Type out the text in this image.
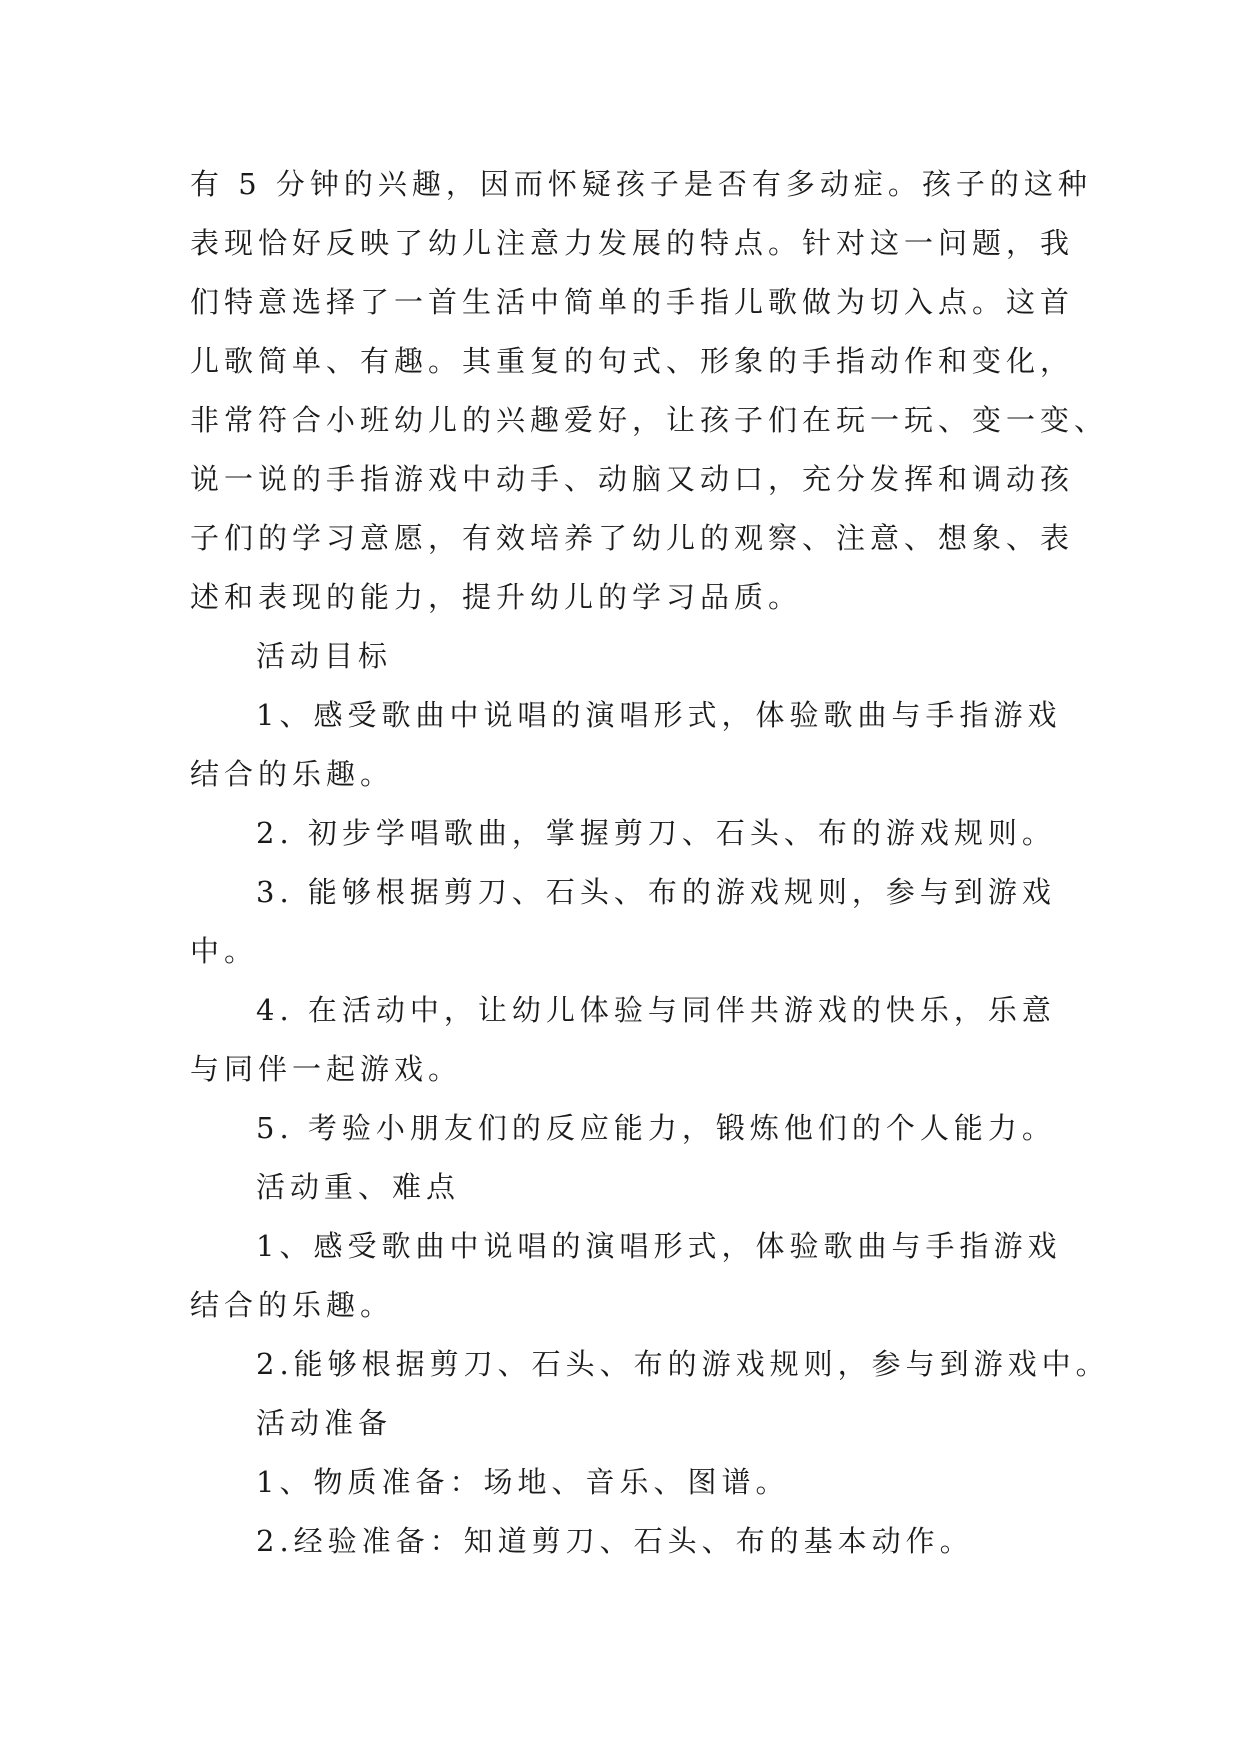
有 5 分钟的兴趣，因而怀疑孩子是否有多动症。孩子的这种
表现恰好反映了幼儿注意力发展的特点。针对这一问题，我
们特意选择了一首生活中简单的手指儿歌做为切入点。这首
儿歌简单、有趣。其重复的句式、形象的手指动作和变化，
非常符合小班幼儿的兴趣爱好，让孩子们在玩一玩、变一变、
说一说的手指游戏中动手、动脑又动口，充分发挥和调动孩
子们的学习意愿，有效培养了幼儿的观察、注意、想象、表
述和表现的能力，提升幼儿的学习品质。
活动目标
1、感受歌曲中说唱的演唱形式，体验歌曲与手指游戏
结合的乐趣。
2. 初步学唱歌曲，掌握剪刀、石头、布的游戏规则。
3. 能够根据剪刀、石头、布的游戏规则，参与到游戏
中。
4. 在活动中，让幼儿体验与同伴共游戏的快乐，乐意
与同伴一起游戏。
5. 考验小朋友们的反应能力，锻炼他们的个人能力。
活动重、难点
1、感受歌曲中说唱的演唱形式，体验歌曲与手指游戏
结合的乐趣。
2.能够根据剪刀、石头、布的游戏规则，参与到游戏中。
活动准备
1、物质准备：场地、音乐、图谱。
2.经验准备：知道剪刀、石头、布的基本动作。
